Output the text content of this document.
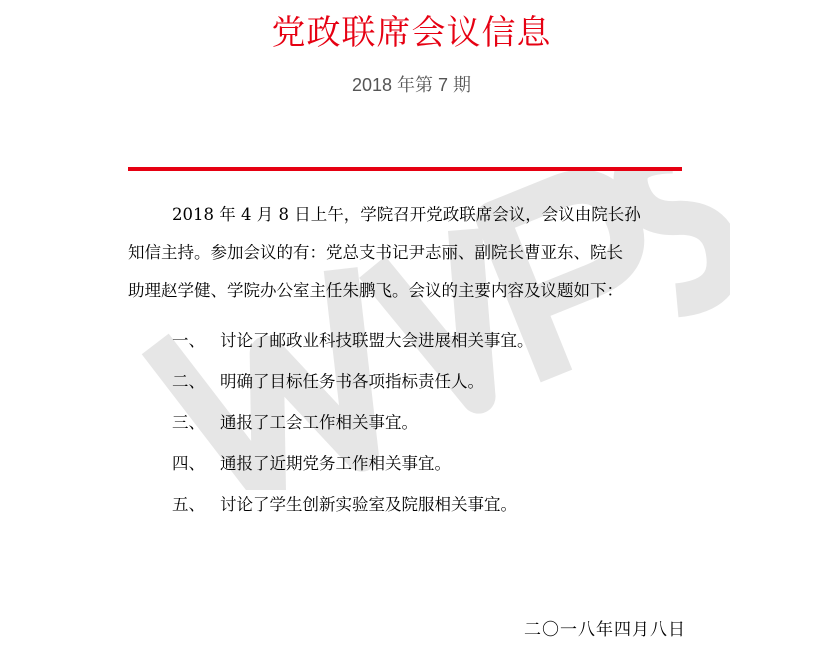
党政联席会议信息
2018 年第 7 期

2018 年 4 月 8 日上午，学院召开党政联席会议，会议由院长孙
知信主持。参加会议的有：党总支书记尹志丽、副院长曹亚东、院长
助理赵学健、学院办公室主任朱鹏飞。会议的主要内容及议题如下：

一、 讨论了邮政业科技联盟大会进展相关事宜。
二、 明确了目标任务书各项指标责任人。
三、 通报了工会工作相关事宜。
四、 通报了近期党务工作相关事宜。
五、 讨论了学生创新实验室及院服相关事宜。
二〇一八年四月八日
